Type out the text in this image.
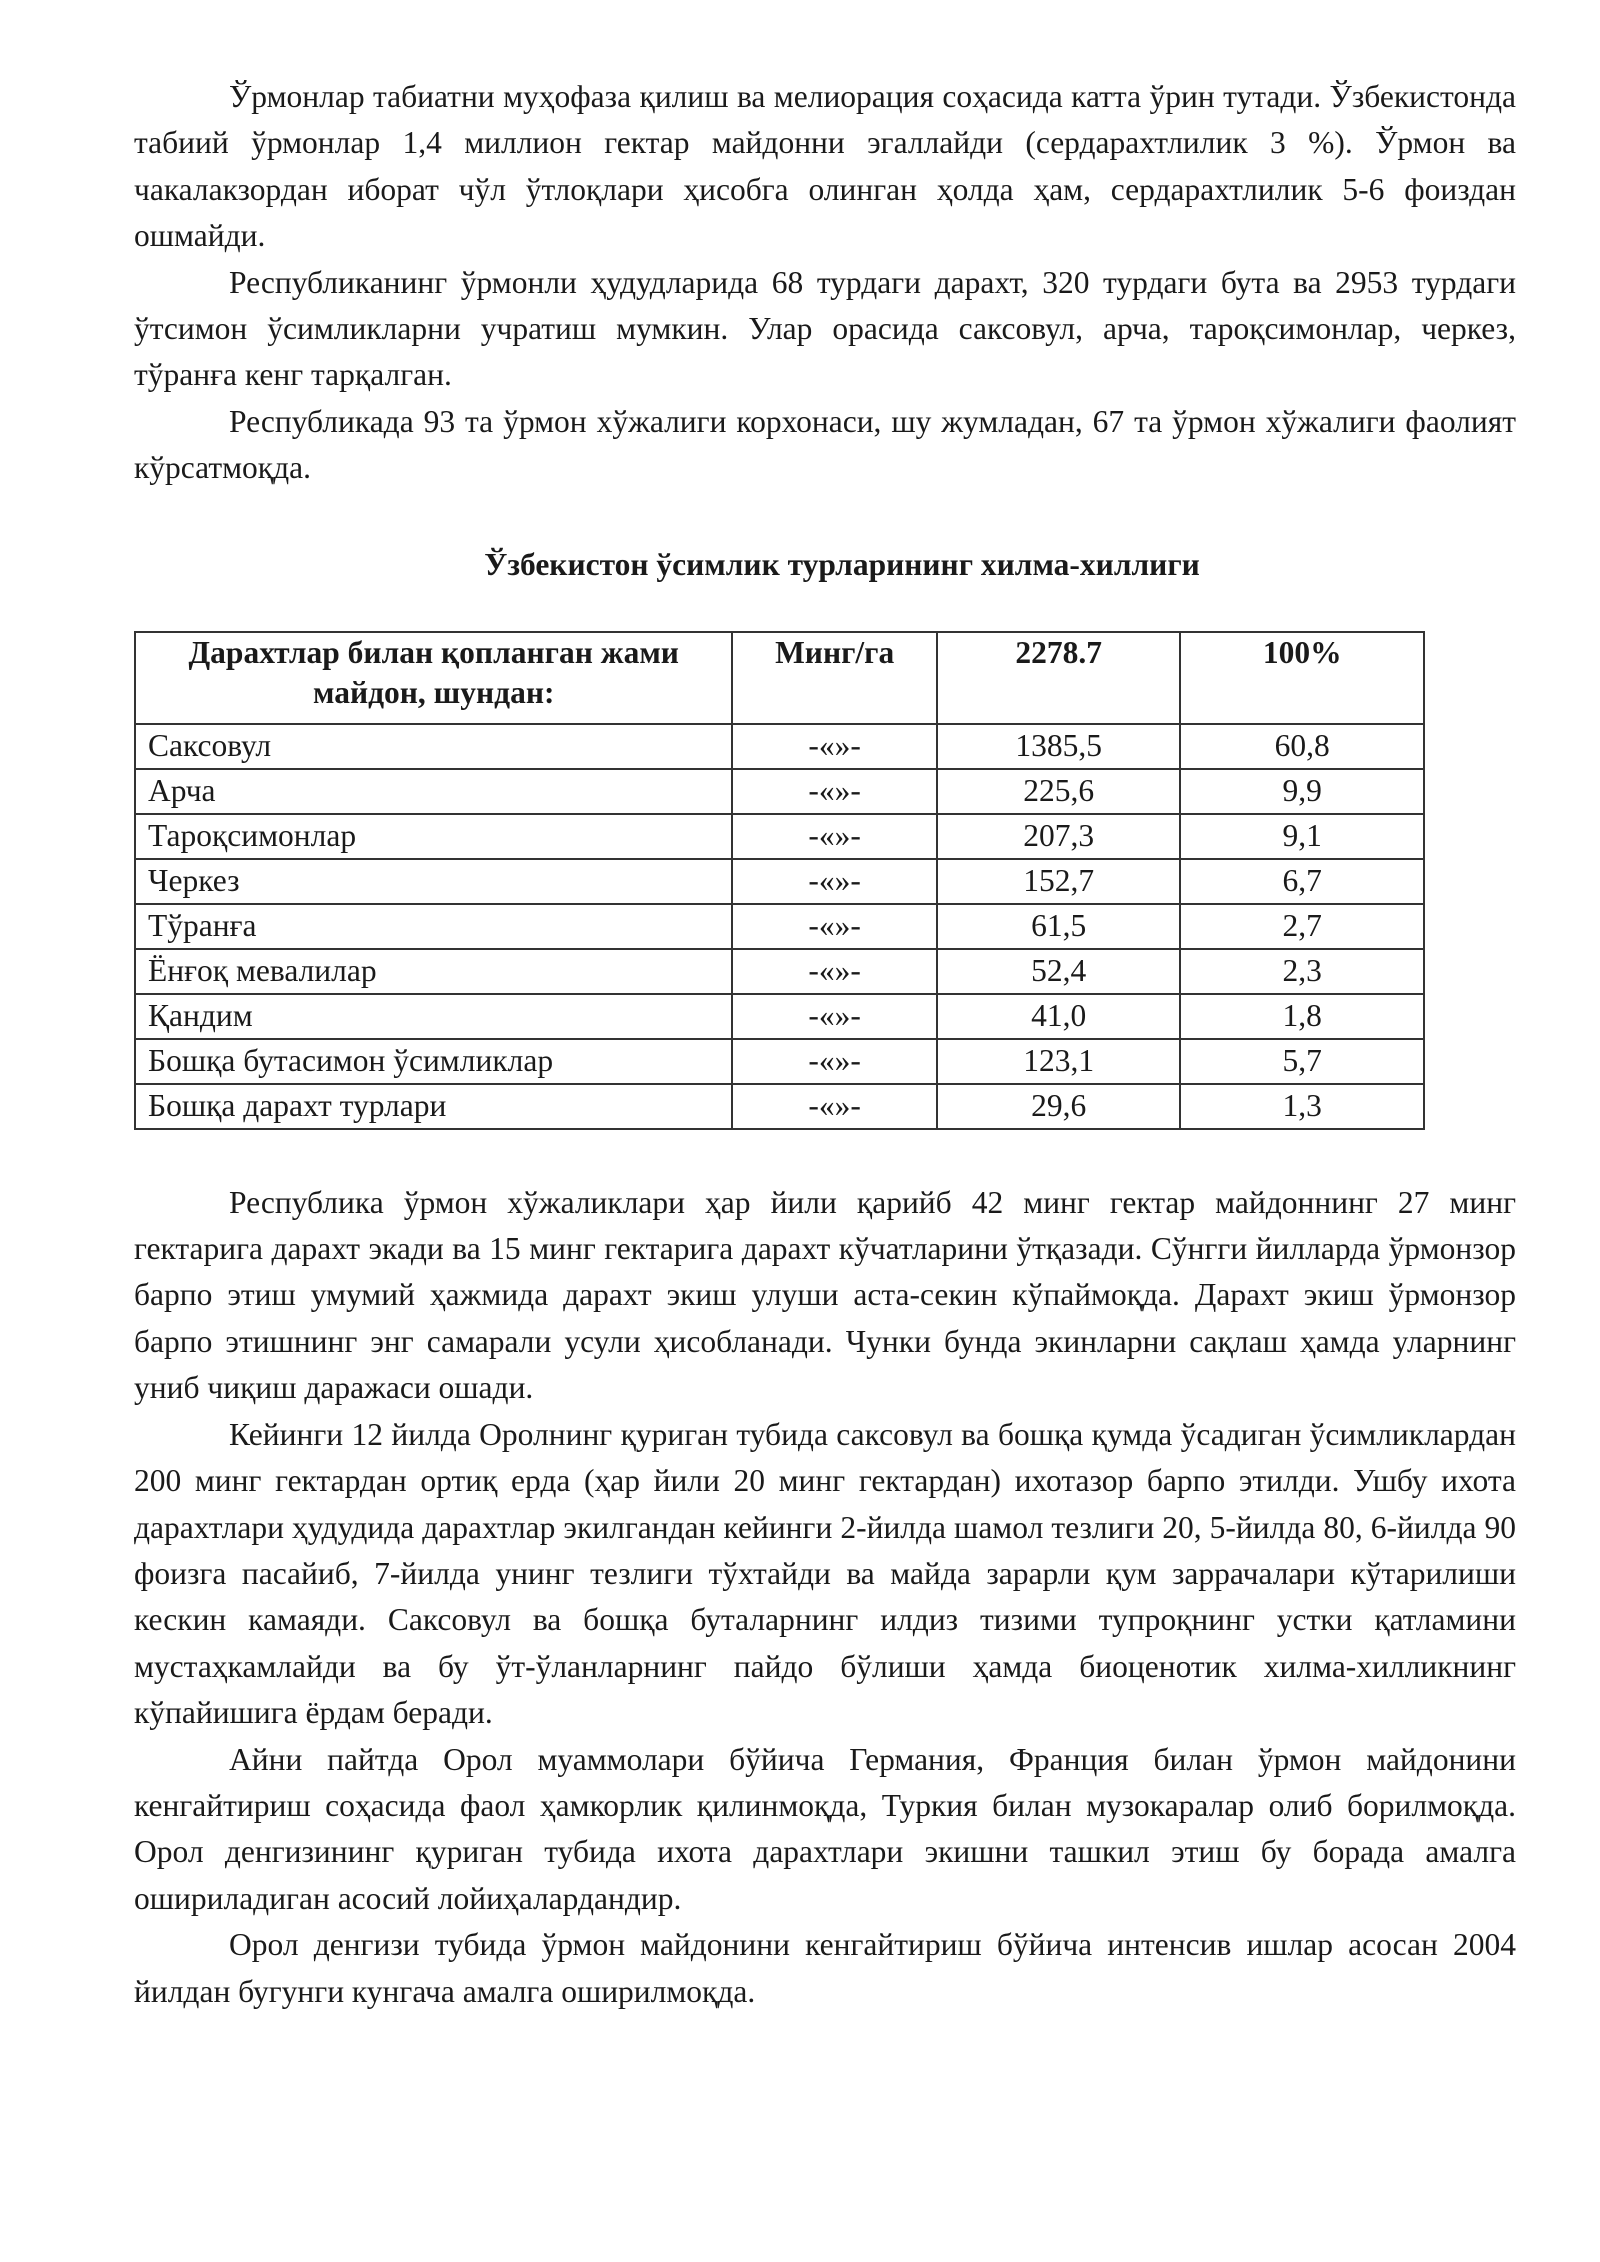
Ўрмонлар табиатни муҳофаза қилиш ва мелиорация соҳасида катта ўрин тутади. Ўзбекистонда табиий ўрмонлар 1,4 миллион гектар майдонни эгаллайди (сердарахтлилик 3 %). Ўрмон ва чакалакзордан иборат чўл ўтлоқлари ҳисобга олинган ҳолда ҳам, сердарахтлилик 5-6 фоиздан ошмайди.

Республиканинг ўрмонли ҳудудларида 68 турдаги дарахт, 320 турдаги бута ва 2953 турдаги ўтсимон ўсимликларни учратиш мумкин. Улар орасида саксовул, арча, тароқсимонлар, черкез, тўранға кенг тарқалган.

Республикада 93 та ўрмон хўжалиги корхонаси, шу жумладан, 67 та ўрмон хўжалиги фаолият кўрсатмоқда.

Ўзбекистон ўсимлик турларининг хилма-хиллиги
Дарахтлар билан қопланган жами майдон, шундан:	Минг/га	2278.7	100%
Саксовул	-«»-	1385,5	60,8
Арча	-«»-	225,6	9,9
Тароқсимонлар	-«»-	207,3	9,1
Черкез	-«»-	152,7	6,7
Тўранға	-«»-	61,5	2,7
Ёнғоқ мевалилар	-«»-	52,4	2,3
Қандим	-«»-	41,0	1,8
Бошқа бутасимон ўсимликлар	-«»-	123,1	5,7
Бошқа дарахт турлари	-«»-	29,6	1,3

Республика ўрмон хўжаликлари ҳар йили қарийб 42 минг гектар майдоннинг 27 минг гектарига дарахт экади ва 15 минг гектарига дарахт кўчатларини ўтқазади. Сўнгги йилларда ўрмонзор барпо этиш умумий ҳажмида дарахт экиш улуши аста-секин кўпаймоқда. Дарахт экиш ўрмонзор барпо этишнинг энг самарали усули ҳисобланади. Чунки бунда экинларни сақлаш ҳамда уларнинг униб чиқиш даражаси ошади.

Кейинги 12 йилда Оролнинг қуриган тубида саксовул ва бошқа қумда ўсадиган ўсимликлардан 200 минг гектардан ортиқ ерда (ҳар йили 20 минг гектардан) ихотазор барпо этилди. Ушбу ихота дарахтлари ҳудудида дарахтлар экилгандан кейинги 2-йилда шамол тезлиги 20, 5-йилда 80, 6-йилда 90 фоизга пасайиб, 7-йилда унинг тезлиги тўхтайди ва майда зарарли қум заррачалари кўтарилиши кескин камаяди. Саксовул ва бошқа буталарнинг илдиз тизими тупроқнинг устки қатламини мустаҳкамлайди ва бу ўт-ўланларнинг пайдо бўлиши ҳамда биоценотик хилма-хилликнинг кўпайишига ёрдам беради.

Айни пайтда Орол муаммолари бўйича Германия, Франция билан ўрмон майдонини кенгайтириш соҳасида фаол ҳамкорлик қилинмоқда, Туркия билан музокаралар олиб борилмоқда. Орол денгизининг қуриган тубида ихота дарахтлари экишни ташкил этиш бу борада амалга ошириладиган асосий лойиҳалардандир.

Орол денгизи тубида ўрмон майдонини кенгайтириш бўйича интенсив ишлар асосан 2004 йилдан бугунги кунгача амалга оширилмоқда.
